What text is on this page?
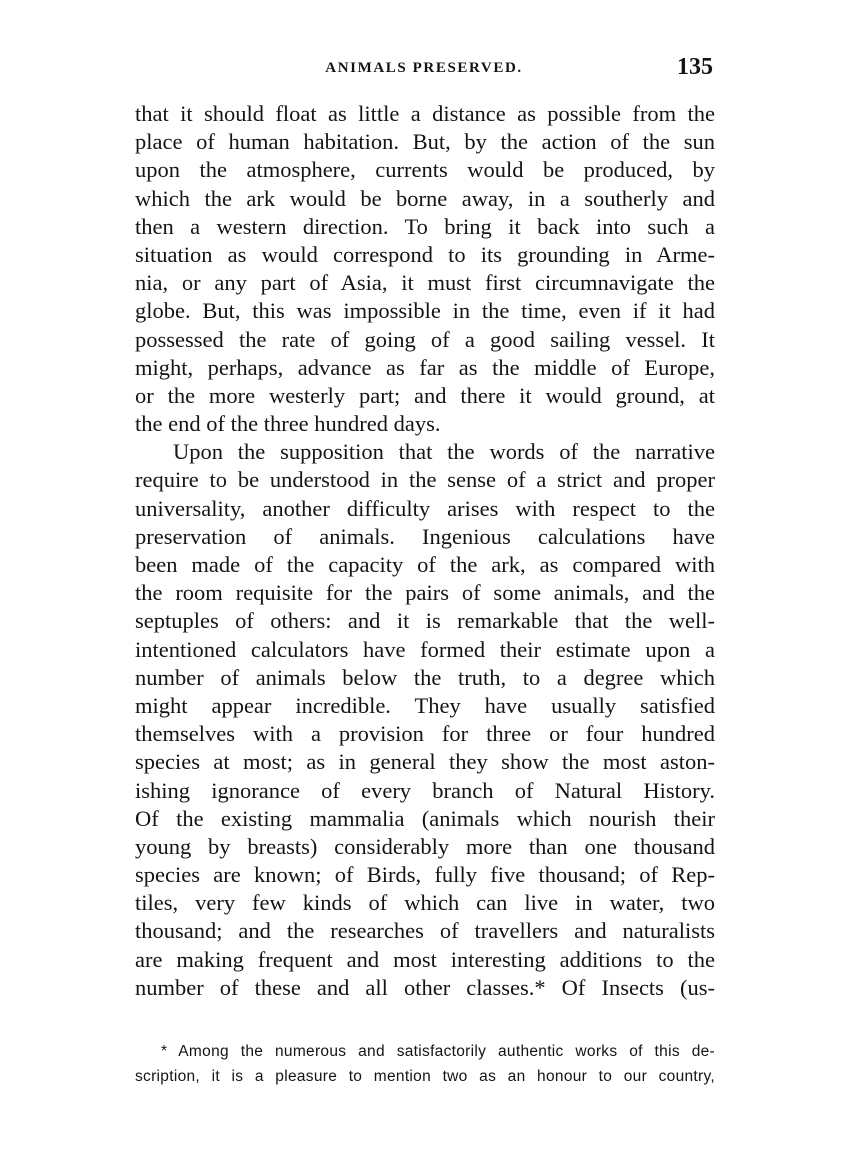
ANIMALS PRESERVED.	135
that it should float as little a distance as possible from the
place of human habitation. But, by the action of the sun
upon the atmosphere, currents would be produced, by
which the ark would be borne away, in a southerly and
then a western direction. To bring it back into such a
situation as would correspond to its grounding in Arme-
nia, or any part of Asia, it must first circumnavigate the
globe. But, this was impossible in the time, even if it had
possessed the rate of going of a good sailing vessel. It
might, perhaps, advance as far as the middle of Europe,
or the more westerly part; and there it would ground, at
the end of the three hundred days.
Upon the supposition that the words of the narrative
require to be understood in the sense of a strict and proper
universality, another difficulty arises with respect to the
preservation of animals. Ingenious calculations have
been made of the capacity of the ark, as compared with
the room requisite for the pairs of some animals, and the
septuples of others: and it is remarkable that the well-
intentioned calculators have formed their estimate upon a
number of animals below the truth, to a degree which
might appear incredible. They have usually satisfied
themselves with a provision for three or four hundred
species at most; as in general they show the most aston-
ishing ignorance of every branch of Natural History.
Of the existing mammalia (animals which nourish their
young by breasts) considerably more than one thousand
species are known; of Birds, fully five thousand; of Rep-
tiles, very few kinds of which can live in water, two
thousand; and the researches of travellers and naturalists
are making frequent and most interesting additions to the
number of these and all other classes.* Of Insects (us-
* Among the numerous and satisfactorily authentic works of this de-
scription, it is a pleasure to mention two as an honour to our country,
